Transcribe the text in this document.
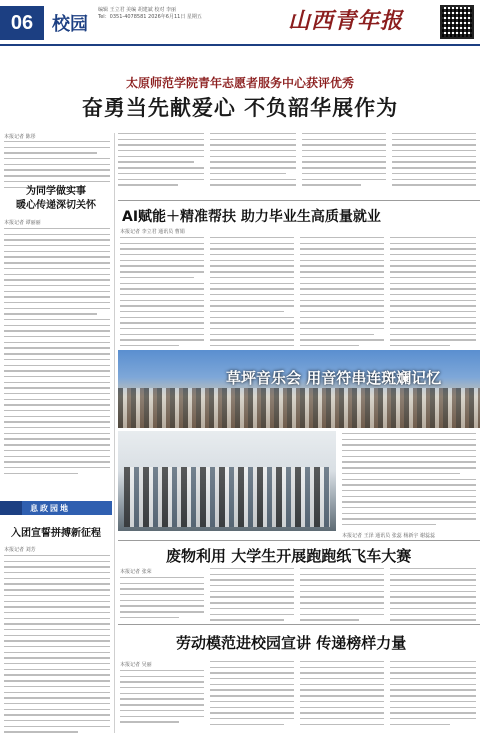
06	校园
编辑 王立君 美编 胡建斌 校对 李丽
Tel：0351-4078581 2026年6月11日 星期五	山西青年报
太原师范学院青年志愿者服务中心获评优秀
奋勇当先献爱心 不负韶华展作为
本报记者 陈彤
为同学做实事
暖心传递深切关怀
本报记者 谭丽丽
息政园地
入团宣誓拼搏新征程
本报记者 刘芳
AI赋能＋精准帮扶 助力毕业生高质量就业
本报记者 李立君 通讯员 曹娟
草坪音乐会 用音符串连斑斓记忆
本报记者 王泽 通讯员 张蕊 杨新宇 谢蕊蕊
废物利用 大学生开展跑跑纸飞车大赛
本报记者 张荣
劳动模范进校园宣讲 传递榜样力量
本报记者 吴丽
